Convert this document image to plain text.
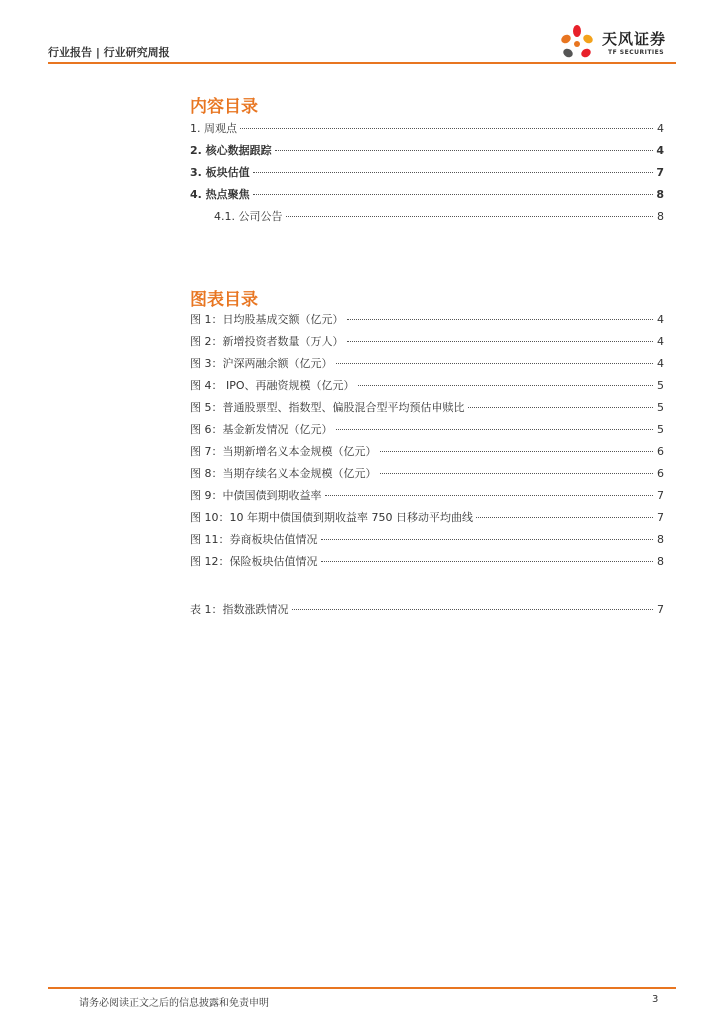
行业报告 | 行业研究周报
天风证券
TF SECURITIES
内容目录
1. 周观点	4
2. 核心数据跟踪	4
3. 板块估值	7
4. 热点聚焦	8
4.1. 公司公告	8
图表目录
图 1：日均股基成交额（亿元）	4
图 2：新增投资者数量（万人）	4
图 3：沪深两融余额（亿元）	4
图 4： IPO、再融资规模（亿元）	5
图 5：普通股票型、指数型、偏股混合型平均预估申赎比	5
图 6：基金新发情况（亿元）	5
图 7：当期新增名义本金规模（亿元）	6
图 8：当期存续名义本金规模（亿元）	6
图 9：中债国债到期收益率	7
图 10：10 年期中债国债到期收益率 750 日移动平均曲线	7
图 11：券商板块估值情况	8
图 12：保险板块估值情况	8
表 1：指数涨跌情况	7
请务必阅读正文之后的信息披露和免责申明	3
